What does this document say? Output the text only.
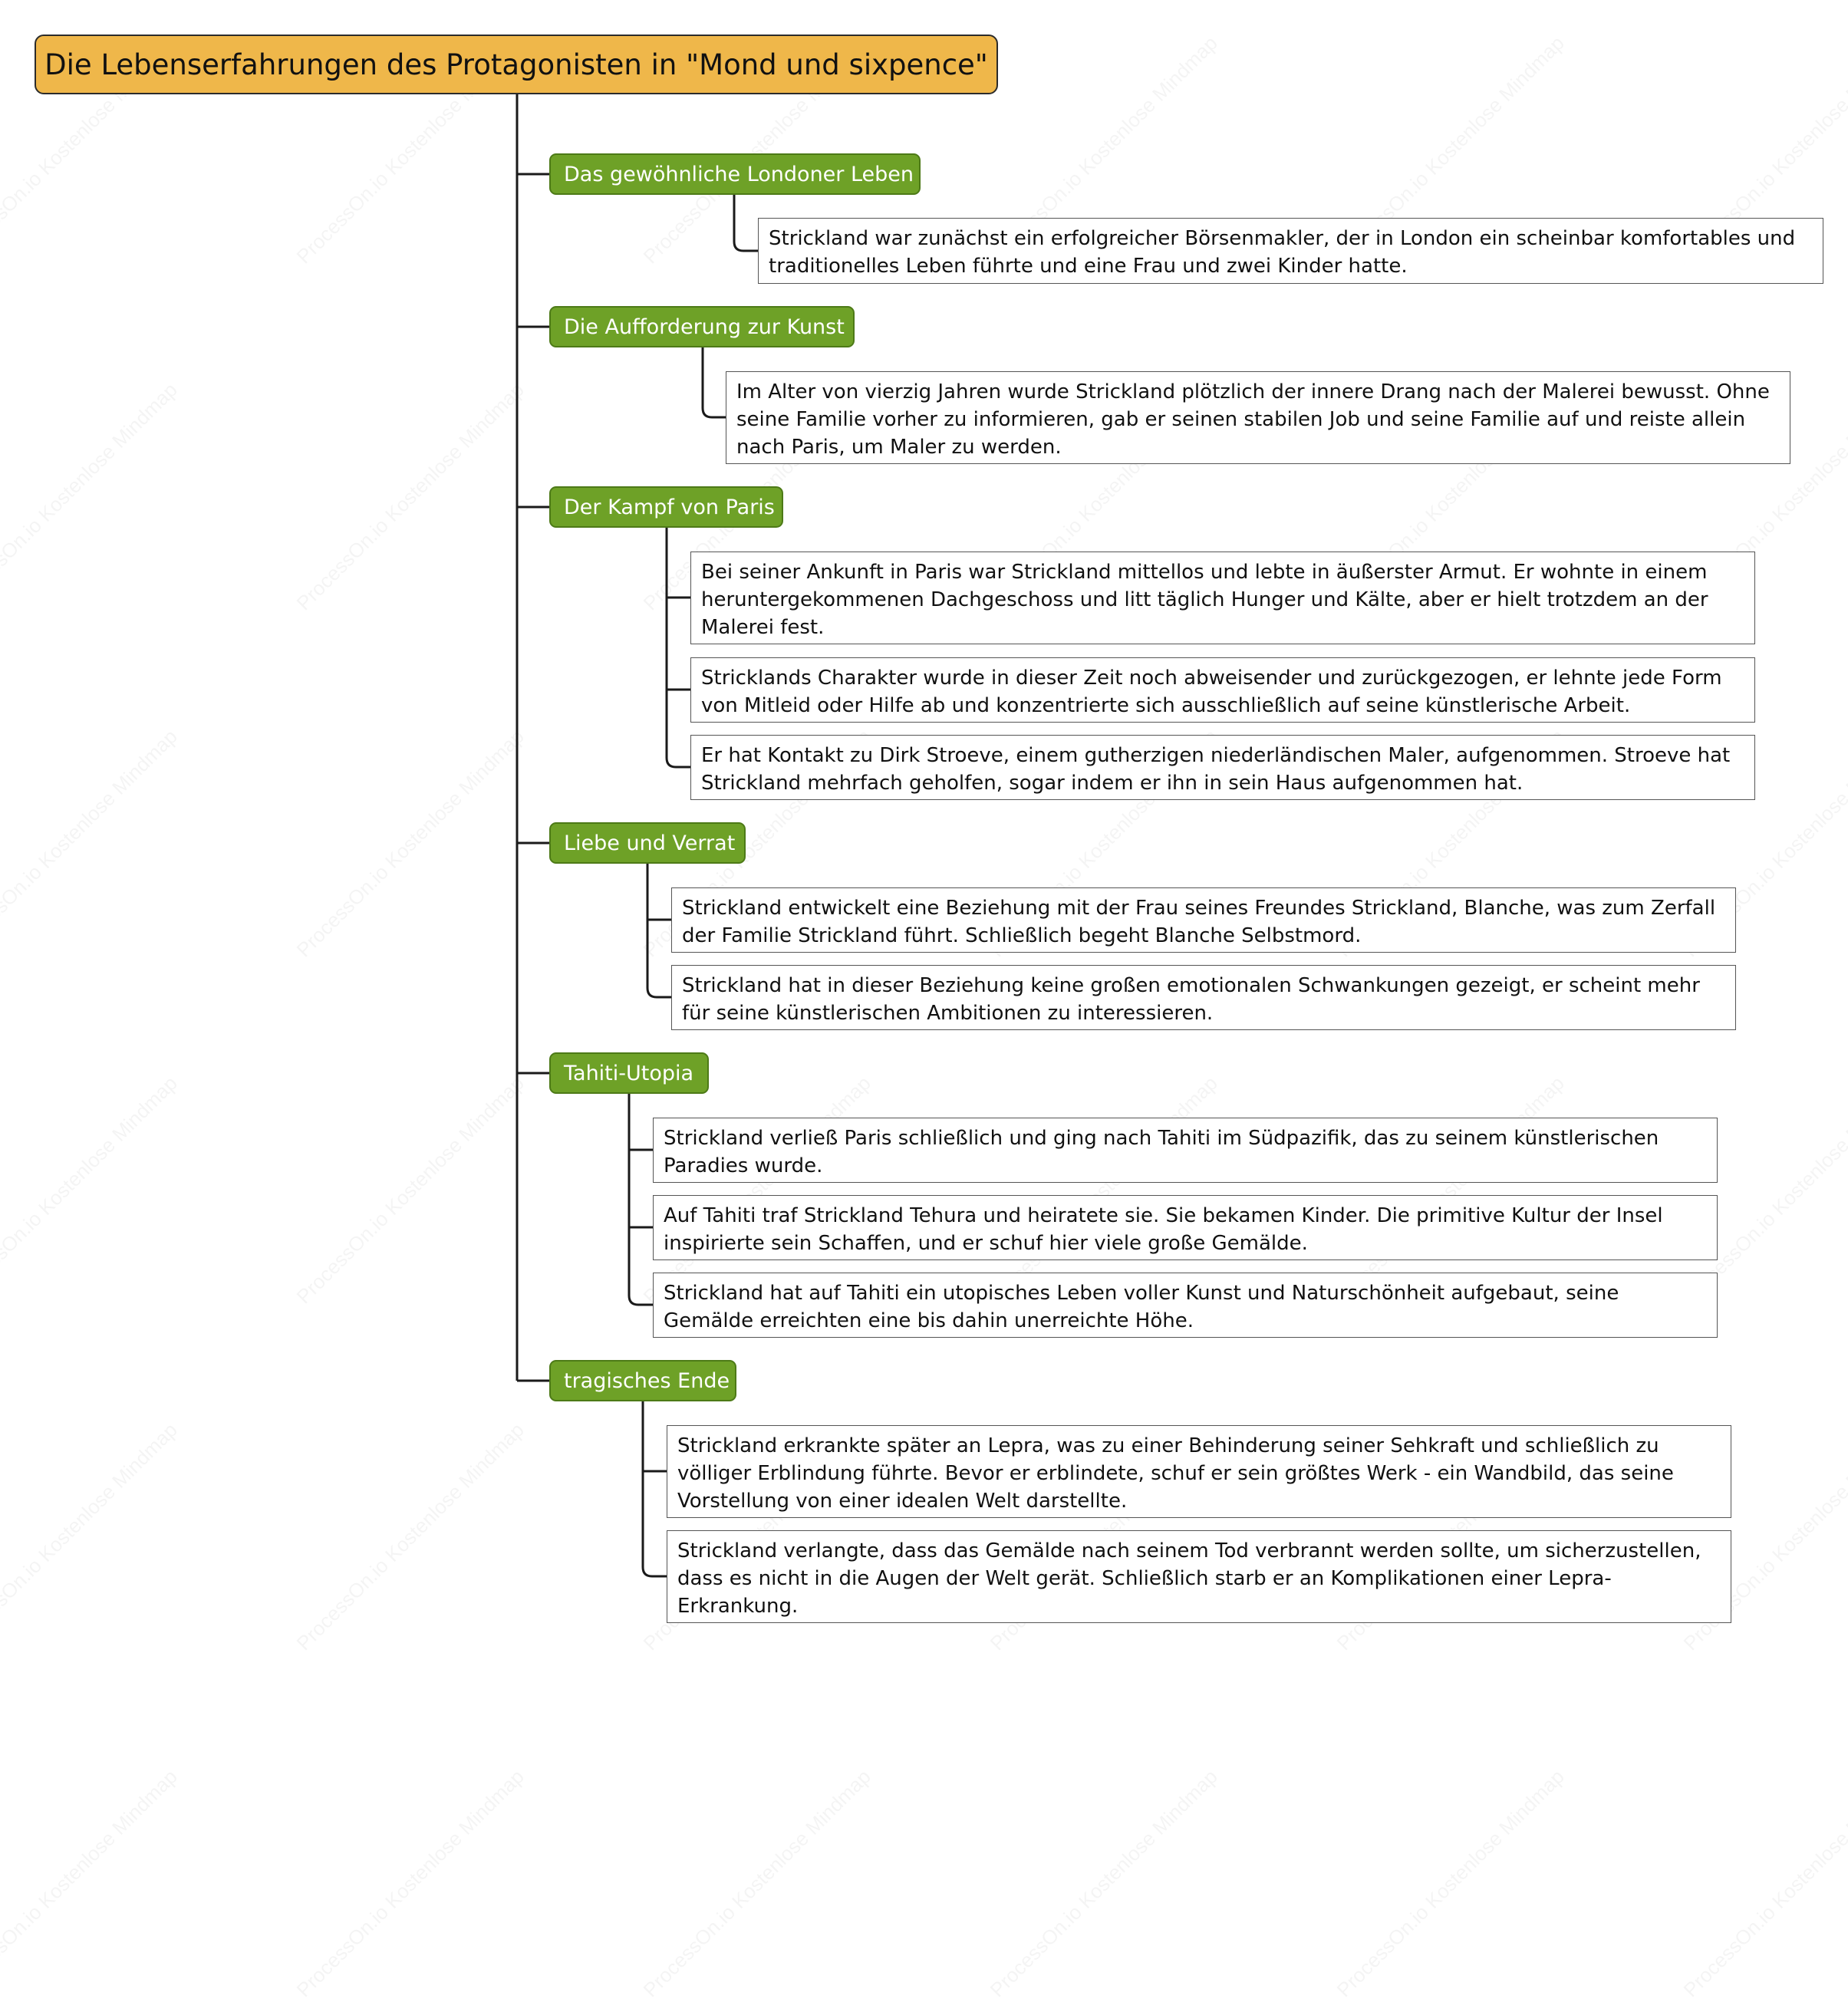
Die Lebenserfahrungen des Protagonisten in "Mond und sixpence"
Das gewöhnliche Londoner Leben
Strickland war zunächst ein erfolgreicher Börsenmakler, der in London ein scheinbar komfortables und traditionelles Leben führte und eine Frau und zwei Kinder hatte.
Die Aufforderung zur Kunst
Im Alter von vierzig Jahren wurde Strickland plötzlich der innere Drang nach der Malerei bewusst. Ohne seine Familie vorher zu informieren, gab er seinen stabilen Job und seine Familie auf und reiste allein nach Paris, um Maler zu werden.
Der Kampf von Paris
Bei seiner Ankunft in Paris war Strickland mittellos und lebte in äußerster Armut. Er wohnte in einem heruntergekommenen Dachgeschoss und litt täglich Hunger und Kälte, aber er hielt trotzdem an der Malerei fest.
Stricklands Charakter wurde in dieser Zeit noch abweisender und zurückgezogen, er lehnte jede Form von Mitleid oder Hilfe ab und konzentrierte sich ausschließlich auf seine künstlerische Arbeit.
Er hat Kontakt zu Dirk Stroeve, einem gutherzigen niederländischen Maler, aufgenommen. Stroeve hat Strickland mehrfach geholfen, sogar indem er ihn in sein Haus aufgenommen hat.
Liebe und Verrat
Strickland entwickelt eine Beziehung mit der Frau seines Freundes Strickland, Blanche, was zum Zerfall der Familie Strickland führt. Schließlich begeht Blanche Selbstmord.
Strickland hat in dieser Beziehung keine großen emotionalen Schwankungen gezeigt, er scheint mehr für seine künstlerischen Ambitionen zu interessieren.
Tahiti-Utopia
Strickland verließ Paris schließlich und ging nach Tahiti im Südpazifik, das zu seinem künstlerischen Paradies wurde.
Auf Tahiti traf Strickland Tehura und heiratete sie. Sie bekamen Kinder. Die primitive Kultur der Insel inspirierte sein Schaffen, und er schuf hier viele große Gemälde.
Strickland hat auf Tahiti ein utopisches Leben voller Kunst und Naturschönheit aufgebaut, seine Gemälde erreichten eine bis dahin unerreichte Höhe.
tragisches Ende
Strickland erkrankte später an Lepra, was zu einer Behinderung seiner Sehkraft und schließlich zu völliger Erblindung führte. Bevor er erblindete, schuf er sein größtes Werk - ein Wandbild, das seine Vorstellung von einer idealen Welt darstellte.
Strickland verlangte, dass das Gemälde nach seinem Tod verbrannt werden sollte, um sicherzustellen, dass es nicht in die Augen der Welt gerät. Schließlich starb er an Komplikationen einer Lepra-Erkrankung.
